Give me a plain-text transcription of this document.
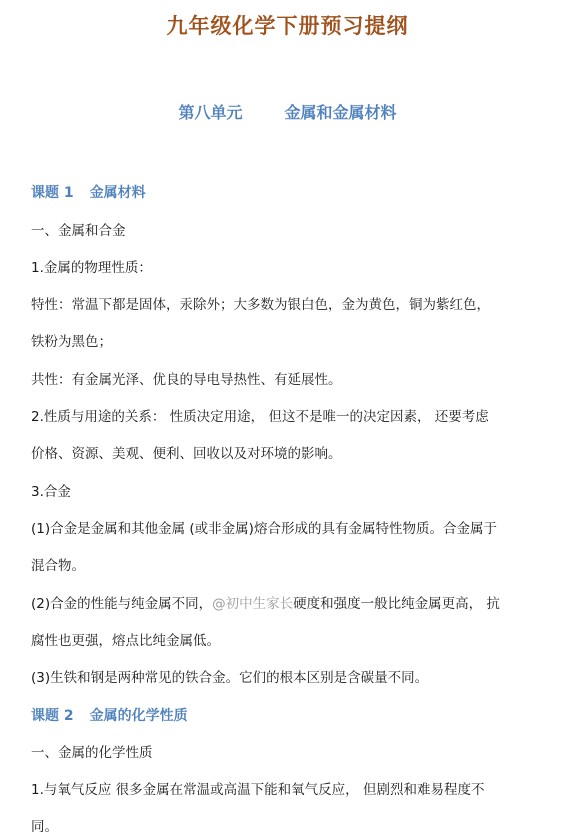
九年级化学下册预习提纲
第八单元	金属和金属材料
课题 1 金属材料
一、金属和合金
1.金属的物理性质：
特性：常温下都是固体，汞除外；大多数为银白色，金为黄色，铜为紫红色，
铁粉为黑色；
共性：有金属光泽、优良的导电导热性、有延展性。
2.性质与用途的关系： 性质决定用途， 但这不是唯一的决定因素， 还要考虑
价格、资源、美观、便利、回收以及对环境的影响。
3.合金
(1)合金是金属和其他金属 (或非金属)熔合形成的具有金属特性物质。合金属于
混合物。
(2)合金的性能与纯金属不同，@初中生家长硬度和强度一般比纯金属更高， 抗
腐性也更强，熔点比纯金属低。
(3)生铁和钢是两种常见的铁合金。它们的根本区别是含碳量不同。
课题 2 金属的化学性质
一、金属的化学性质
1.与氧气反应 很多金属在常温或高温下能和氧气反应， 但剧烈和难易程度不
同。
